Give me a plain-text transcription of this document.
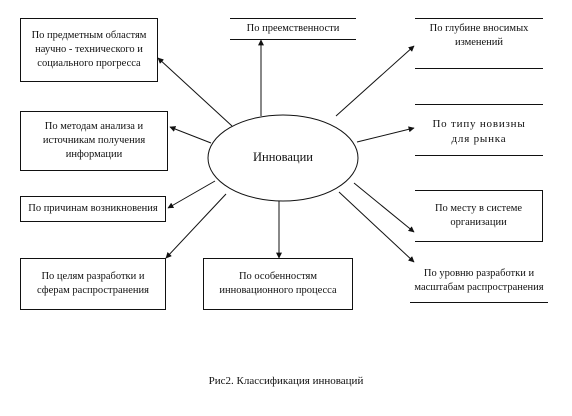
По предметным областям
научно - технического и
социального прогресса
По преемственности	По глубине вносимых
изменений
По методам анализа и
источникам получения
информации
По типу новизны
для рынка
По причинам возникновения	По месту в системе
организации
По целям разработки и
сферам распространения
По особенностям
инновационного процесса
По уровню разработки и
масштабам распространения
Инновации
Рис2. Классификация инноваций
